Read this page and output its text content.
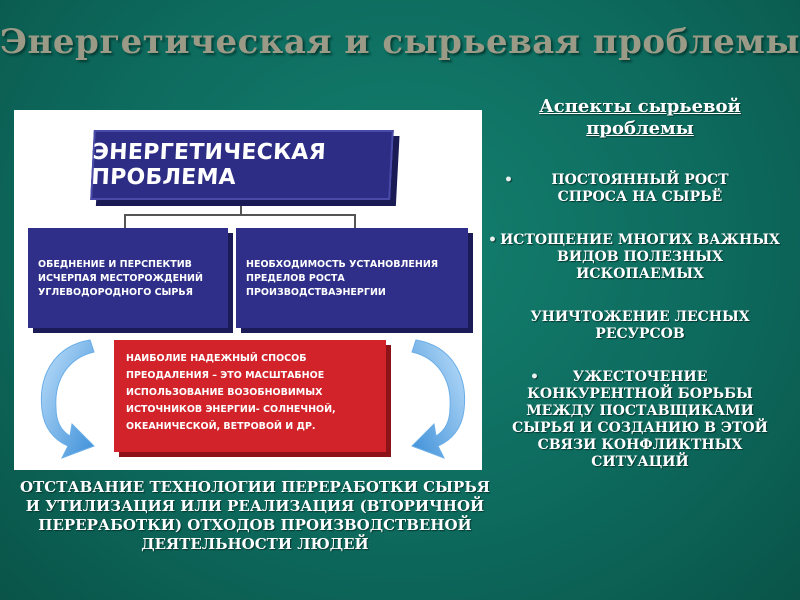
Энергетическая и сырьевая проблемы
ЭНЕРГЕТИЧЕСКАЯ ПРОБЛЕМА
ОБЕДНЕНИЕ И ПЕРСПЕКТИВ ИСЧЕРПАЯ МЕСТОРОЖДЕНИЙ УГЛЕВОДОРОДНОГО СЫРЬЯ
НЕОБХОДИМОСТЬ УСТАНОВЛЕНИЯ ПРЕДЕЛОВ РОСТА ПРОИЗВОДСТВАЭНЕРГИИ
НАИБОЛИЕ НАДЕЖНЫЙ СПОСОБ ПРЕОДАЛЕНИЯ – ЭТО МАСШТАБНОЕ ИСПОЛЬЗОВАНИЕ ВОЗОБНОВИМЫХ ИСТОЧНИКОВ ЭНЕРГИИ- СОЛНЕЧНОЙ, ОКЕАНИЧЕСКОЙ, ВЕТРОВОЙ И ДР.
ОТСТАВАНИЕ ТЕХНОЛОГИИ ПЕРЕРАБОТКИ СЫРЬЯ И УТИЛИЗАЦИЯ ИЛИ РЕАЛИЗАЦИЯ (ВТОРИЧНОЙ ПЕРЕРАБОТКИ) ОТХОДОВ ПРОИЗВОДСТВЕНОЙ ДЕЯТЕЛЬНОСТИ ЛЮДЕЙ
Аспекты сырьевой проблемы
•	ПОСТОЯННЫЙ РОСТ СПРОСА НА СЫРЬЁ
• ИСТОЩЕНИЕ МНОГИХ ВАЖНЫХ ВИДОВ ПОЛЕЗНЫХ ИСКОПАЕМЫХ
УНИЧТОЖЕНИЕ ЛЕСНЫХ РЕСУРСОВ
• УЖЕСТОЧЕНИЕ КОНКУРЕНТНОЙ БОРЬБЫ МЕЖДУ ПОСТАВЩИКАМИ СЫРЬЯ И СОЗДАНИЮ В ЭТОЙ СВЯЗИ КОНФЛИКТНЫХ СИТУАЦИЙ
